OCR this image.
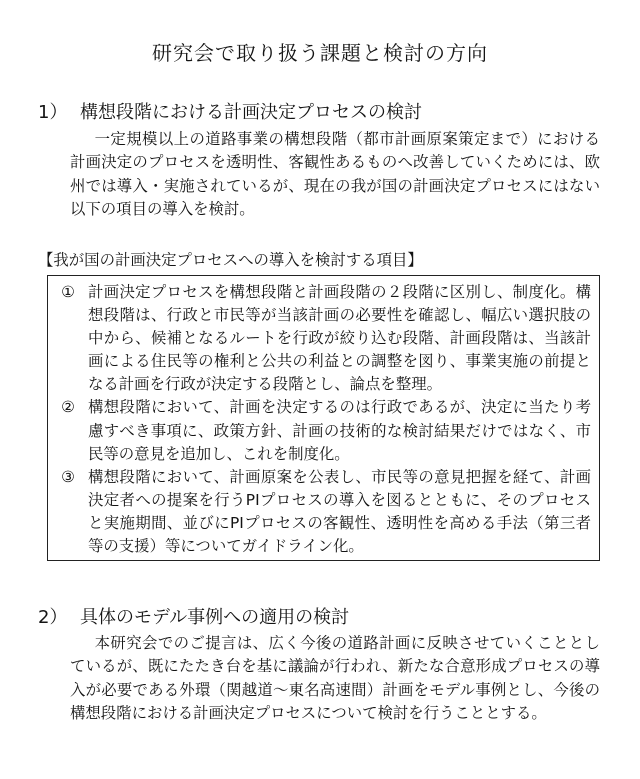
研究会で取り扱う課題と検討の方向
1） 構想段階における計画決定プロセスの検討

一定規模以上の道路事業の構想段階（都市計画原案策定まで）における計画決定のプロセスを透明性、客観性あるものへ改善していくためには、欧州では導入・実施されているが、現在の我が国の計画決定プロセスにはない以下の項目の導入を検討。

【我が国の計画決定プロセスへの導入を検討する項目】

① 計画決定プロセスを構想段階と計画段階の２段階に区別し、制度化。構想段階は、行政と市民等が当該計画の必要性を確認し、幅広い選択肢の中から、候補となるルートを行政が絞り込む段階、計画段階は、当該計画による住民等の権利と公共の利益との調整を図り、事業実施の前提となる計画を行政が決定する段階とし、論点を整理。

② 構想段階において、計画を決定するのは行政であるが、決定に当たり考慮すべき事項に、政策方針、計画の技術的な検討結果だけではなく、市民等の意見を追加し、これを制度化。

③ 構想段階において、計画原案を公表し、市民等の意見把握を経て、計画決定者への提案を行うPIプロセスの導入を図るとともに、そのプロセスと実施期間、並びにPIプロセスの客観性、透明性を高める手法（第三者等の支援）等についてガイドライン化。

2） 具体のモデル事例への適用の検討

本研究会でのご提言は、広く今後の道路計画に反映させていくこととしているが、既にたたき台を基に議論が行われ、新たな合意形成プロセスの導入が必要である外環（関越道～東名高速間）計画をモデル事例とし、今後の構想段階における計画決定プロセスについて検討を行うこととする。
